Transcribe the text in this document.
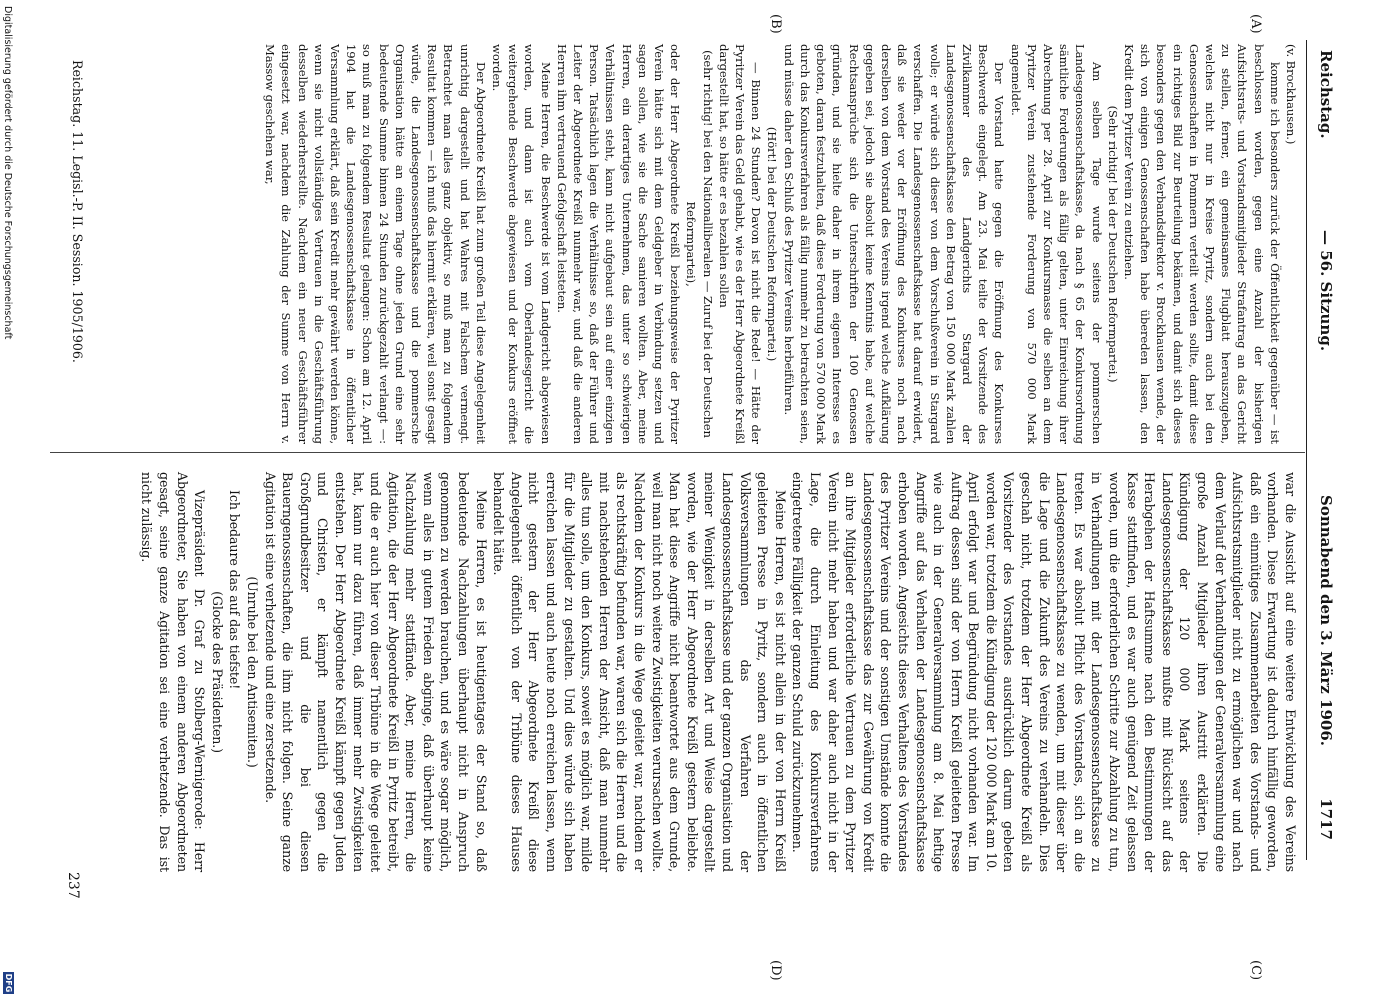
Reichstag.
— 56. Sitzung.
Sonnabend den 3. März 1906.          1717
(A)
(B)
(C)
(D)

(v. Brockhausen.)

komme ich besonders zurück der Öffentlichkeit gegenüber — ist beschlossen worden, gegen eine Anzahl der bisherigen Aufsichtsrats- und Vorstandsmitglieder Strafantrag an das Gericht zu stellen, ferner, ein gemeinsames Flugblatt herauszugeben, welches nicht nur in Kreise Pyritz, sondern auch bei den Genossenschaften in Pommern verteilt werden sollte, damit diese ein richtiges Bild zur Beurteilung bekämen, und damit sich dieses besonders gegen den Verbandsdirektor v. Brockhausen wende, der sich von einigen Genossenschaften habe übereden lassen, den Kredit dem Pyritzer Verein zu entziehen.

(Sehr richtig! bei der Deutschen Reformpartei.)

Am selben Tage wurde seitens der pommerschen Landesgenossenschaftskasse, da nach § 65 der Konkursordnung sämtliche Forderungen als fällig gelten, unter Einreichung ihrer Abrechnung per 28. April zur Konkursmasse die selben an dem Pyritzer Verein zustehende Forderung von 570 000 Mark angemeldet.

Der Vorstand hatte gegen die Eröffnung des Konkurses Beschwerde eingelegt. Am 23. Mai teilte der Vorsitzende des Zivilkammer des Landgerichts Stargard der Landesgenossenschaftskasse den Betrag von 150 000 Mark zahlen wolle; er würde sich dieser von dem Vorschußverein in Stargard verschaffen. Die Landesgenossenschaftskasse hat darauf erwidert, daß sie weder vor der Eröffnung des Konkurses noch nach derselben von dem Vorstand des Vereins irgend welche Aufklärung gegeben sei, jedoch sie absolut keine Kenntnis habe, auf welche Rechtsansprüche sich die Unterschriften der 100 Genossen gründen, und sie hielte daher in ihrem eigenen Interesse es geboten, daran festzuhalten, daß diese Forderung von 570 000 Mark durch das Konkursverfahren als fällig nunmehr zu betrachten seien, und müsse daher den Schluß des Pyritzer Vereins herbeiführen.

(Hört! bei der Deutschen Reformpartei.)

— Binnen 24 Stunden? Davon ist nicht die Rede! — Hätte der Pyritzer Verein das Geld gehabt, wie es der Herr Abgeordnete Kreißl dargestellt hat, so hätte er es bezahlen sollen

(sehr richtig! bei den Nationalliberalen — Zuruf bei der Deutschen Reformpartei),

oder der Herr Abgeordnete Kreißl beziehungsweise der Pyritzer Verein hätte sich mit dem Geldgeber in Verbindung setzen und sagen sollen, wie sie die Sache sanieren wollten. Aber, meine Herren, ein derartiges Unternehmen, das unter so schwierigen Verhältnissen steht, kann nicht aufgebaut sein auf einer einzigen Person. Tatsächlich lagen die Verhältnisse so, daß der Führer und Leiter der Abgeordnete Kreißl nunmehr war, und daß die anderen Herren ihm vertrauend Gefolgschaft leisteten.

Meine Herren, die Beschwerde ist vom Landgericht abgewiesen worden, und dann ist auch vom Oberlandesgericht die weitergehende Beschwerde abgewiesen und der Konkurs eröffnet worden.

Der Abgeordnete Kreißl hat zum großen Teil diese Angelegenheit unrichtig dargestellt und hat Wahres mit Falschem vermengt. Betrachtet man alles ganz objektiv, so muß man zu folgendem Resultat kommen — ich muß das hiermit erklären, weil sonst gesagt würde, die Landesgenossenschaftskasse und die pommersche Organisation hätte an einem Tage ohne jeden Grund eine sehr bedeutende Summe binnen 24 Stunden zurückgezahlt verlangt —: so muß man zu folgendem Resultat gelangen: Schon am 12. April 1904 hat die Landesgenossenschaftskasse in öffentlicher Versammlung erklärt, daß sein Kredit mehr gewährt werden könne, wenn sie nicht vollständiges Vertrauen in die Geschäftsführung desselben wiederherstellte. Nachdem ein neuer Geschäftsführer eingesetzt war, nachdem die Zahlung der Summe von Herrn v. Massow geschehen war,

war die Aussicht auf eine weitere Entwicklung des Vereins vorhanden. Diese Erwartung ist dadurch hinfällig geworden, daß ein einmütiges Zusammenarbeiten des Vorstands- und Aufsichtsratsmitglieder nicht zu ermöglichen war und nach dem Verlauf der Verhandlungen der Generalversammlung eine große Anzahl Mitglieder ihren Austritt erklärten. Die Kündigung der 120 000 Mark seitens der Landesgenossenschaftskasse mußte mit Rücksicht auf das Herabgehen der Haftsumme nach den Bestimmungen der Kasse stattfinden, und es war auch genügend Zeit gelassen worden, um die erforderlichen Schritte zur Abzahlung zu tun, in Verhandlungen mit der Landesgenossenschaftskasse zu treten. Es war absolut Pflicht des Vorstandes, sich an die Landesgenossenschaftskasse zu wenden, um mit dieser über die Lage und die Zukunft des Vereins zu verhandeln. Dies geschah nicht, trotzdem der Herr Abgeordnete Kreißl als Vorsitzender des Vorstandes ausdrücklich darum gebeten worden war, trotzdem die Kündigung der 120 000 Mark am 10. April erfolgt war und Begründung nicht vorhanden war. Im Auftrag dessen sind der von Herrn Kreißl geleiteten Presse wie auch in der Generalversammlung am 8. Mai heftige Angriffe auf das Verhalten der Landesgenossenschaftskasse erhoben worden. Angesichts dieses Verhaltens des Vorstandes des Pyritzer Vereins und der sonstigen Umstände konnte die Landesgenossenschaftskasse das zur Gewährung von Kredit an ihre Mitglieder erforderliche Vertrauen zu dem Pyritzer Verein nicht mehr haben und war daher auch nicht in der Lage, die durch Einleitung des Konkursverfahrens eingetretene Fälligkeit der ganzen Schuld zurückzunehmen.

Meine Herren, es ist nicht allein in der von Herrn Kreißl geleiteten Presse in Pyritz, sondern auch in öffentlichen Volksversammlungen das Verfahren der Landesgenossenschaftskasse und der ganzen Organisation und meiner Wenigkeit in derselben Art und Weise dargestellt worden, wie der Herr Abgeordnete Kreißl gestern beliebte. Man hat diese Angriffe nicht beantwortet aus dem Grunde, weil man nicht noch weitere Zwistigkeiten verursachen wollte. Nachdem der Konkurs in die Wege geleitet war, nachdem er als rechtskräftig befunden war, waren sich die Herren und die mit nachstehenden Herren der Ansicht, daß man nunmehr alles tun solle, um den Konkurs, soweit es möglich war, milde für die Mitglieder zu gestalten. Und dies würde sich haben erreichen lassen und auch heute noch erreichen lassen, wenn nicht gestern der Herr Abgeordnete Kreißl diese Angelegenheit öffentlich von der Tribüne dieses Hauses behandelt hätte.

Meine Herren, es ist heutigentages der Stand so, daß bedeutende Nachzahlungen überhaupt nicht in Anspruch genommen zu werden brauchen, und es wäre sogar möglich, wenn alles in gutem Frieden abginge, daß überhaupt keine Nachzahlung mehr stattfände. Aber, meine Herren, die Agitation, die der Herr Abgeordnete Kreißl in Pyritz betreibt, und die er auch hier von dieser Tribüne in die Wege geleitet hat, kann nur dazu führen, daß immer mehr Zwistigkeiten entstehen. Der Herr Abgeordnete Kreißl kämpft gegen Juden und Christen, er kämpft namentlich gegen die Großgrundbesitzer und die bei diesen Bauerngenossenschaften, die ihm nicht folgen. Seine ganze Agitation ist eine verhetzende und eine zersetzende.

(Unruhe bei den Antisemiten.)

Ich bedaure das auf das tiefste!

(Glocke des Präsidenten.)

Vizepräsident Dr. Graf zu Stolberg-Wernigerode: Herr Abgeordneter, Sie haben von einem anderen Abgeordneten gesagt, seine ganze Agitation sei eine verhetzende. Das ist nicht zulässig.

Reichstag. 11. Legisl.-P. II. Session. 1905/1906.
237
Digitalisierung gefördert durch die Deutsche Forschungsgemeinschaft
DFG
